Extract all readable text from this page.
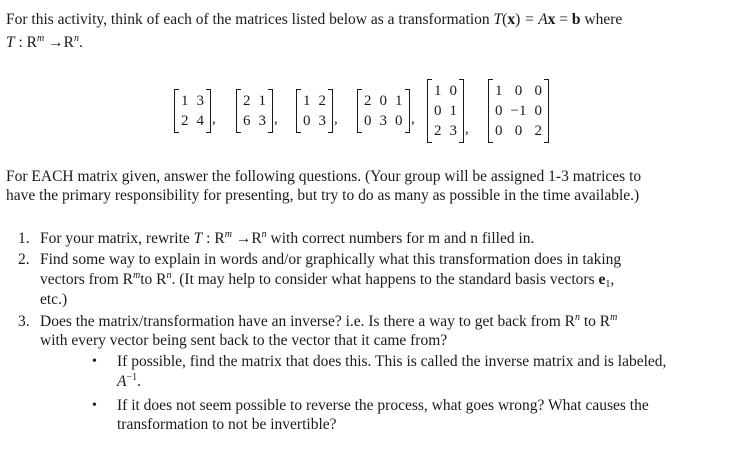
For this activity, think of each of the matrices listed below as a transformation T(x) = Ax = b where
T : $R^m \to R^n$.
1	3
2	4 ,
2	1
6	3 ,
1	2
0	3 ,
2	0	1
0	3	0 ,
1	0
0	1
2	3 ,
1	0	0
0	−1	0
0	0	2
For EACH matrix given, answer the following questions. (Your group will be assigned 1-3 matrices to
have the primary responsibility for presenting, but try to do as many as possible in the time available.)
1. For your matrix, rewrite T : $R^m \to R^n$ with correct numbers for m and n filled in.
2. Find some way to explain in words and/or graphically what this transformation does in taking
vectors from $R^mto$ $R^n$. (It may help to consider what happens to the standard basis vectors $e_1$,
etc.)
3. Does the matrix/transformation have an inverse? i.e. Is there a way to get back from $R^n$ to $R^m$
with every vector being sent back to the vector that it came from?
• If possible, find the matrix that does this. This is called the inverse matrix and is labeled,
$A^{-1}$.
• If it does not seem possible to reverse the process, what goes wrong? What causes the
transformation to not be invertible?
